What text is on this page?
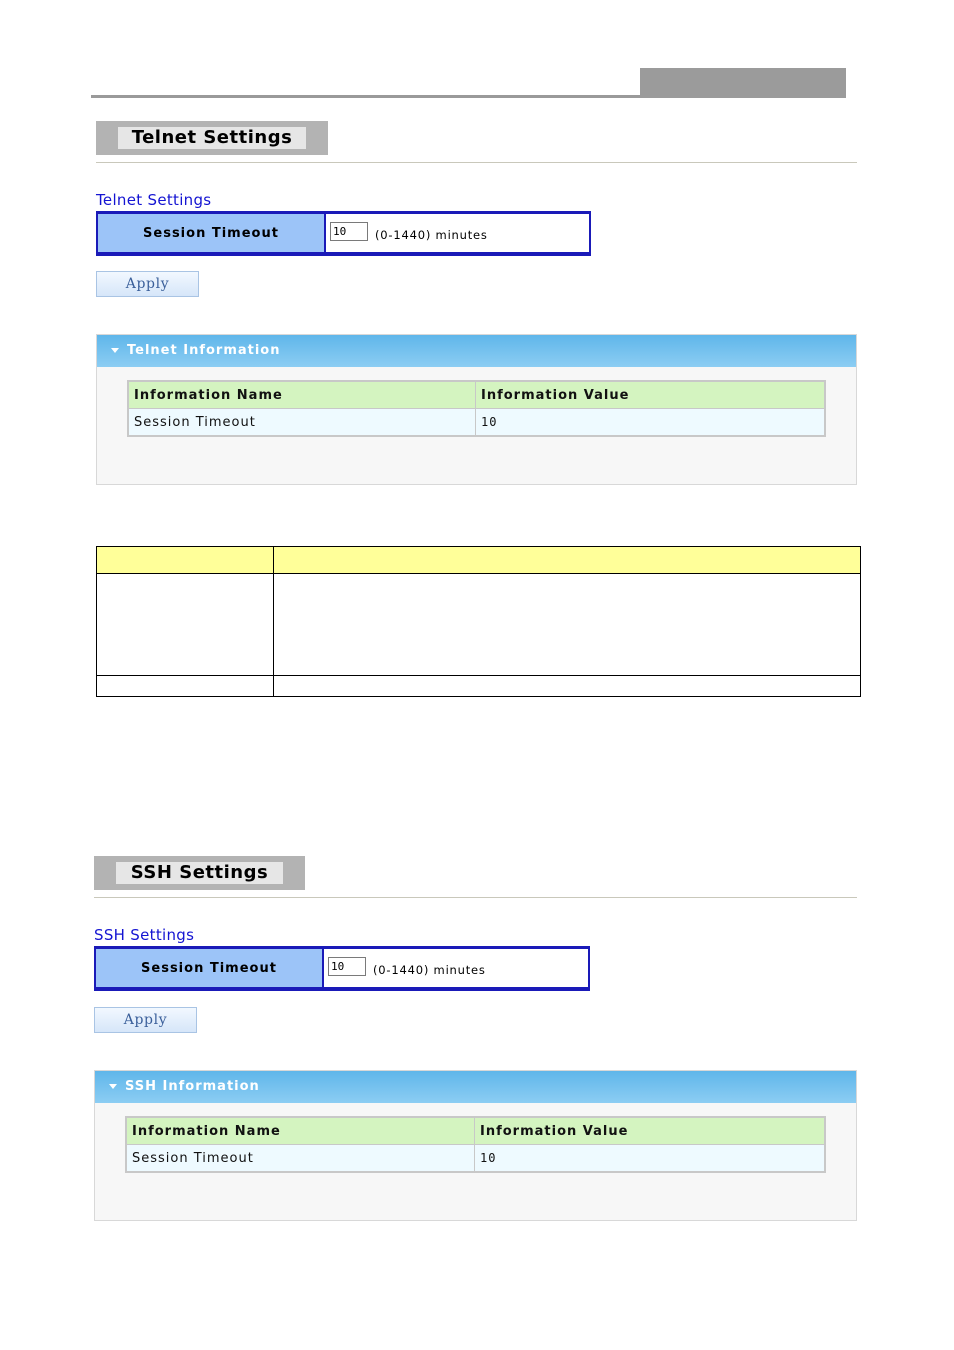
Telnet Settings
Telnet Settings
Session Timeout	10	(0-1440) minutes
Apply
Telnet Information
Information Name	Information Value
Session Timeout	10

SSH Settings
SSH Settings
Session Timeout	10	(0-1440) minutes
Apply
SSH Information
Information Name	Information Value
Session Timeout	10
